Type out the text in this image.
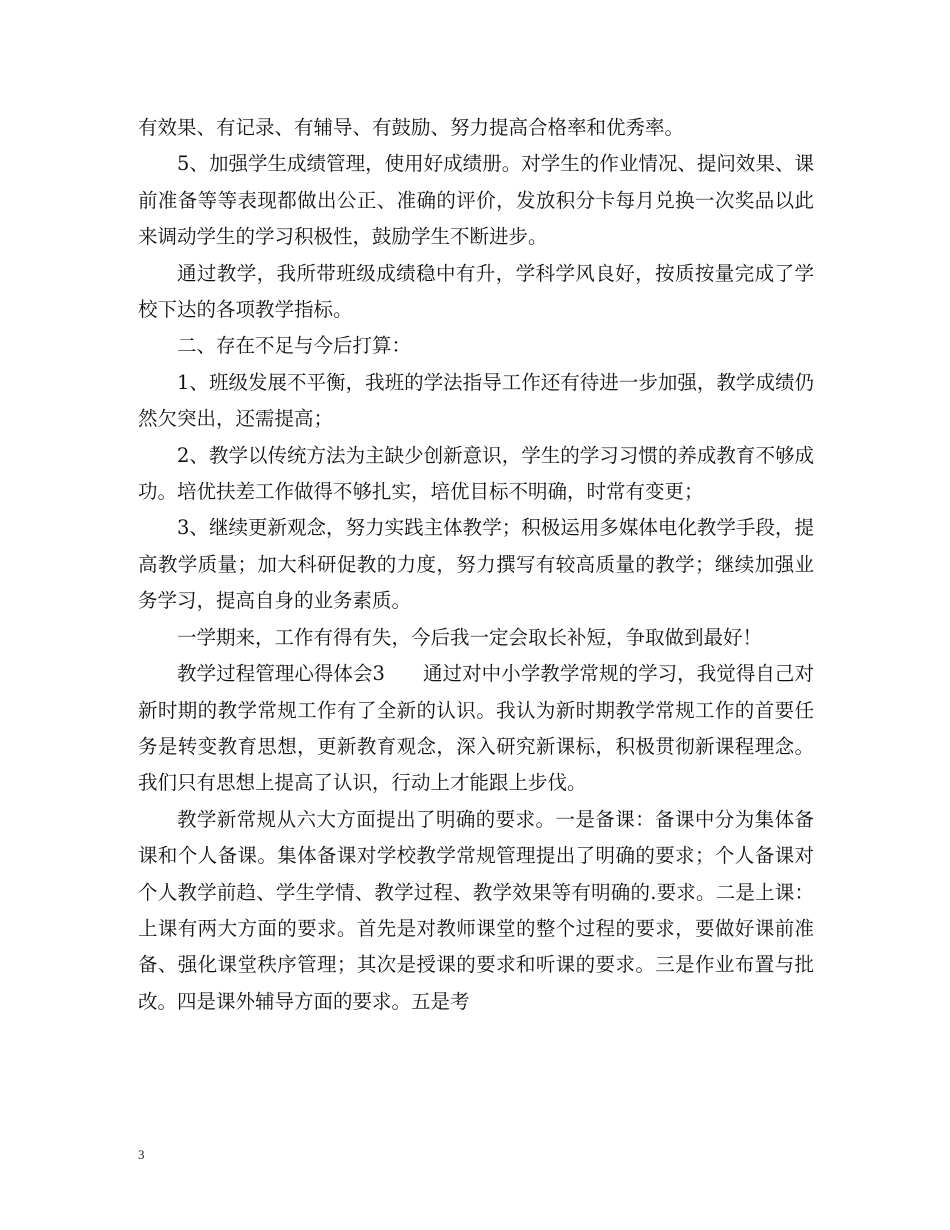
有效果、有记录、有辅导、有鼓励、努力提高合格率和优秀率。

5、加强学生成绩管理，使用好成绩册。对学生的作业情况、提问效果、课前准备等等表现都做出公正、准确的评价，发放积分卡每月兑换一次奖品以此来调动学生的学习积极性，鼓励学生不断进步。

通过教学，我所带班级成绩稳中有升，学科学风良好，按质按量完成了学校下达的各项教学指标。

二、存在不足与今后打算：

1、班级发展不平衡，我班的学法指导工作还有待进一步加强，教学成绩仍然欠突出，还需提高；

2、教学以传统方法为主缺少创新意识，学生的学习习惯的养成教育不够成功。培优扶差工作做得不够扎实，培优目标不明确，时常有变更；

3、继续更新观念，努力实践主体教学；积极运用多媒体电化教学手段，提高教学质量；加大科研促教的力度，努力撰写有较高质量的教学；继续加强业务学习，提高自身的业务素质。

一学期来，工作有得有失，今后我一定会取长补短，争取做到最好！

教学过程管理心得体会3 通过对中小学教学常规的学习，我觉得自己对新时期的教学常规工作有了全新的认识。我认为新时期教学常规工作的首要任务是转变教育思想，更新教育观念，深入研究新课标，积极贯彻新课程理念。我们只有思想上提高了认识，行动上才能跟上步伐。

教学新常规从六大方面提出了明确的要求。一是备课：备课中分为集体备课和个人备课。集体备课对学校教学常规管理提出了明确的要求；个人备课对个人教学前趋、学生学情、教学过程、教学效果等有明确的.要求。二是上课：上课有两大方面的要求。首先是对教师课堂的整个过程的要求，要做好课前准备、强化课堂秩序管理；其次是授课的要求和听课的要求。三是作业布置与批改。四是课外辅导方面的要求。五是考

3
